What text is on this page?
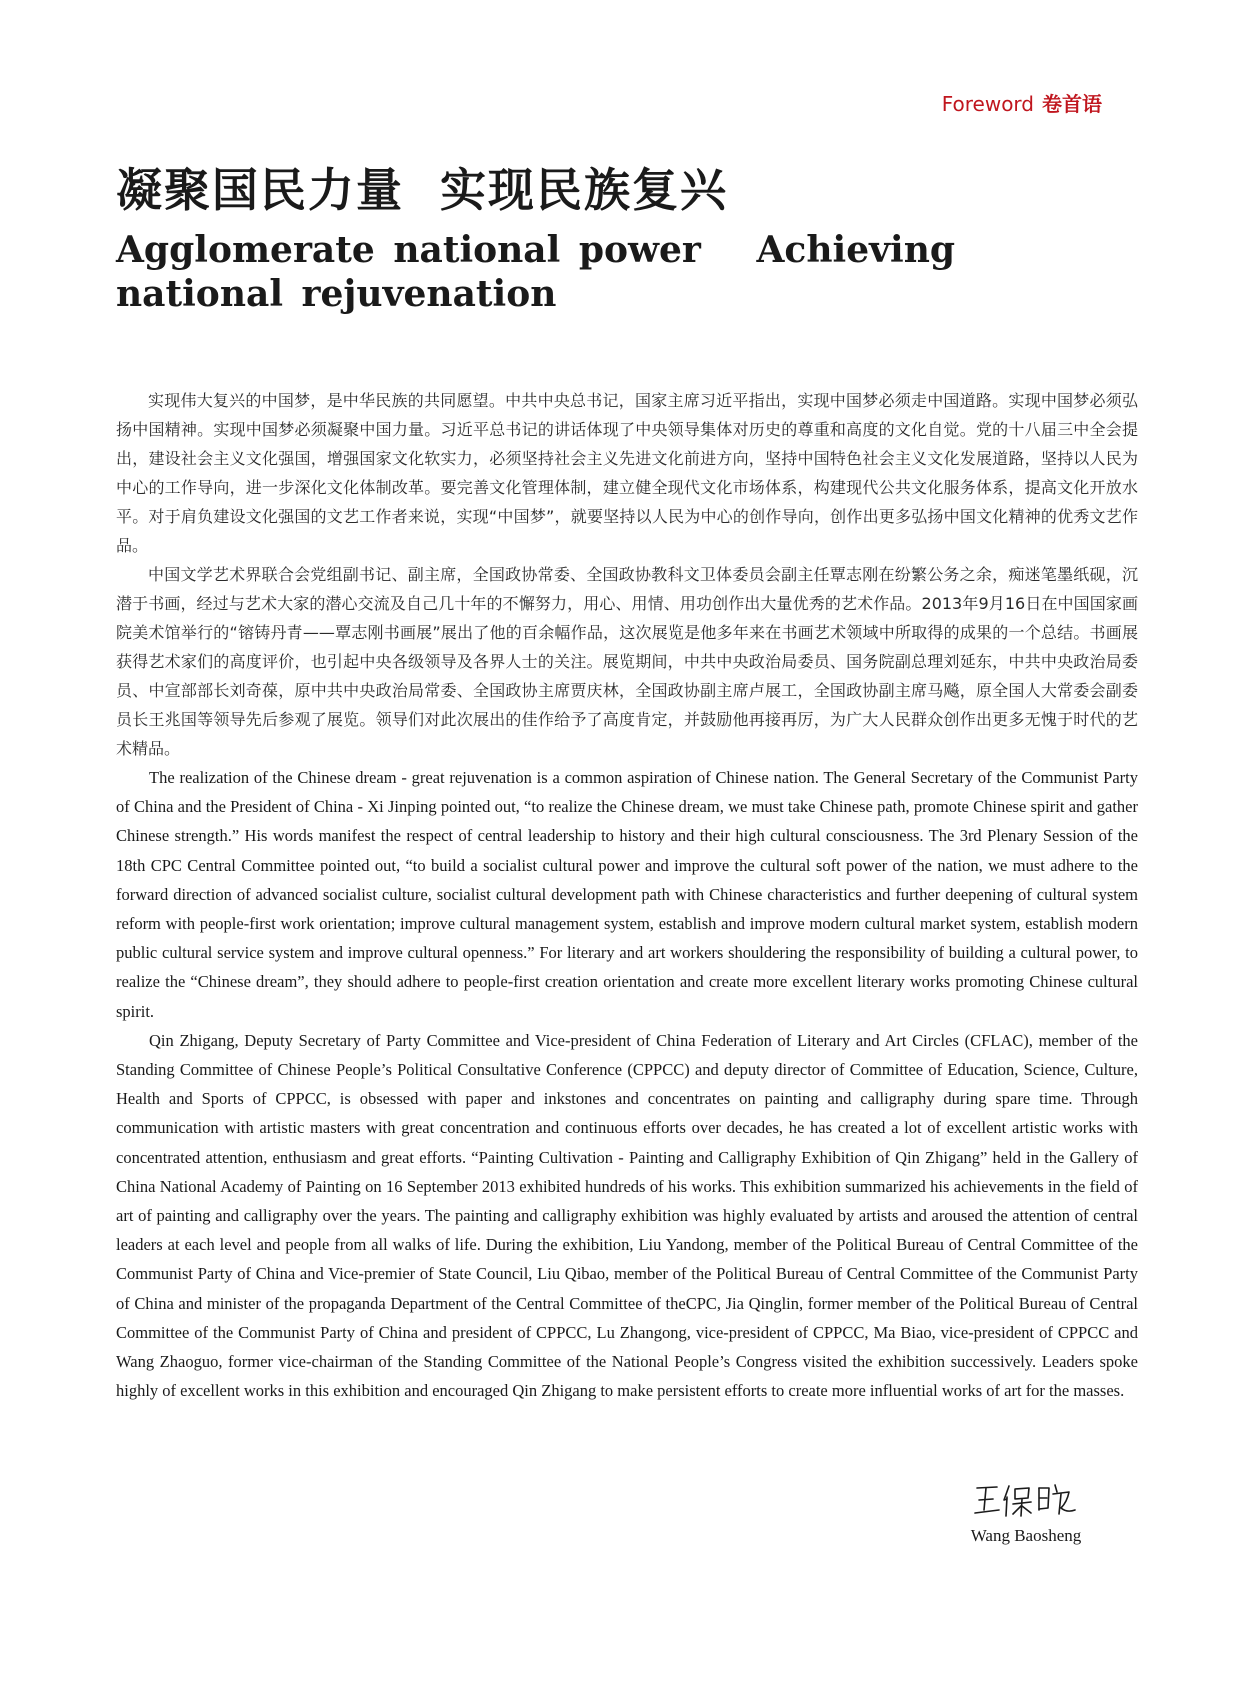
Foreword 卷首语
凝聚国民力量  实现民族复兴
Agglomerate national power   Achieving national rejuvenation

实现伟大复兴的中国梦，是中华民族的共同愿望。中共中央总书记，国家主席习近平指出，实现中国梦必须走中国道路。实现中国梦必须弘扬中国精神。实现中国梦必须凝聚中国力量。习近平总书记的讲话体现了中央领导集体对历史的尊重和高度的文化自觉。党的十八届三中全会提出，建设社会主义文化强国，增强国家文化软实力，必须坚持社会主义先进文化前进方向，坚持中国特色社会主义文化发展道路，坚持以人民为中心的工作导向，进一步深化文化体制改革。要完善文化管理体制，建立健全现代文化市场体系，构建现代公共文化服务体系，提高文化开放水平。对于肩负建设文化强国的文艺工作者来说，实现“中国梦”，就要坚持以人民为中心的创作导向，创作出更多弘扬中国文化精神的优秀文艺作品。

中国文学艺术界联合会党组副书记、副主席，全国政协常委、全国政协教科文卫体委员会副主任覃志刚在纷繁公务之余，痴迷笔墨纸砚，沉潜于书画，经过与艺术大家的潜心交流及自己几十年的不懈努力，用心、用情、用功创作出大量优秀的艺术作品。2013年9月16日在中国国家画院美术馆举行的“镕铸丹青——覃志刚书画展”展出了他的百余幅作品，这次展览是他多年来在书画艺术领域中所取得的成果的一个总结。书画展获得艺术家们的高度评价，也引起中央各级领导及各界人士的关注。展览期间，中共中央政治局委员、国务院副总理刘延东，中共中央政治局委员、中宣部部长刘奇葆，原中共中央政治局常委、全国政协主席贾庆林，全国政协副主席卢展工，全国政协副主席马飚，原全国人大常委会副委员长王兆国等领导先后参观了展览。领导们对此次展出的佳作给予了高度肯定，并鼓励他再接再厉，为广大人民群众创作出更多无愧于时代的艺术精品。

The realization of the Chinese dream - great rejuvenation is a common aspiration of Chinese nation. The General Secretary of the Communist Party of China and the President of China - Xi Jinping pointed out, “to realize the Chinese dream, we must take Chinese path, promote Chinese spirit and gather Chinese strength.” His words manifest the respect of central leadership to history and their high cultural consciousness. The 3rd Plenary Session of the 18th CPC Central Committee pointed out, “to build a socialist cultural power and improve the cultural soft power of the nation, we must adhere to the forward direction of advanced socialist culture, socialist cultural development path with Chinese characteristics and further deepening of cultural system reform with people-first work orientation; improve cultural management system, establish and improve modern cultural market system, establish modern public cultural service system and improve cultural openness.” For literary and art workers shouldering the responsibility of building a cultural power, to realize the “Chinese dream”, they should adhere to people-first creation orientation and create more excellent literary works promoting Chinese cultural spirit.

Qin Zhigang, Deputy Secretary of Party Committee and Vice-president of China Federation of Literary and Art Circles (CFLAC), member of the Standing Committee of Chinese People’s Political Consultative Conference (CPPCC) and deputy director of Committee of Education, Science, Culture, Health and Sports of CPPCC, is obsessed with paper and inkstones and concentrates on painting and calligraphy during spare time. Through communication with artistic masters with great concentration and continuous efforts over decades, he has created a lot of excellent artistic works with concentrated attention, enthusiasm and great efforts. “Painting Cultivation - Painting and Calligraphy Exhibition of Qin Zhigang” held in the Gallery of China National Academy of Painting on 16 September 2013 exhibited hundreds of his works. This exhibition summarized his achievements in the field of art of painting and calligraphy over the years. The painting and calligraphy exhibition was highly evaluated by artists and aroused the attention of central leaders at each level and people from all walks of life. During the exhibition, Liu Yandong, member of the Political Bureau of Central Committee of the Communist Party of China and Vice-premier of State Council, Liu Qibao, member of the Political Bureau of Central Committee of the Communist Party of China and minister of the propaganda Department of the Central Committee of theCPC, Jia Qinglin, former member of the Political Bureau of Central Committee of the Communist Party of China and president of CPPCC, Lu Zhangong, vice-president of CPPCC, Ma Biao, vice-president of CPPCC and Wang Zhaoguo, former vice-chairman of the Standing Committee of the National People’s Congress visited the exhibition successively. Leaders spoke highly of excellent works in this exhibition and encouraged Qin Zhigang to make persistent efforts to create more influential works of art for the masses.

Wang Baosheng
